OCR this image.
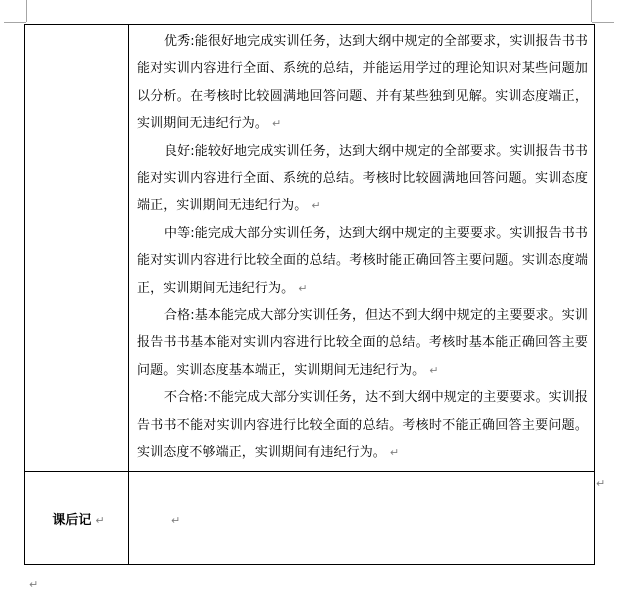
	优秀:能很好地完成实训任务，达到大纲中规定的全部要求，实训报告书书能对实训内容进行全面、系统的总结，并能运用学过的理论知识对某些问题加以分析。在考核时比较圆满地回答问题、并有某些独到见解。实训态度端正，实训期间无违纪行为。 ↵

良好:能较好地完成实训任务，达到大纲中规定的全部要求。实训报告书书能对实训内容进行全面、系统的总结。考核时比较圆满地回答问题。实训态度端正，实训期间无违纪行为。 ↵

中等:能完成大部分实训任务，达到大纲中规定的主要要求。实训报告书书能对实训内容进行比较全面的总结。考核时能正确回答主要问题。实训态度端正，实训期间无违纪行为。 ↵

合格:基本能完成大部分实训任务，但达不到大纲中规定的主要要求。实训报告书书基本能对实训内容进行比较全面的总结。考核时基本能正确回答主要问题。实训态度基本端正，实训期间无违纪行为。 ↵

不合格:不能完成大部分实训任务，达不到大纲中规定的主要要求。实训报告书书不能对实训内容进行比较全面的总结。考核时不能正确回答主要问题。实训态度不够端正，实训期间有违纪行为。 ↵

课后记 ↵		↵
↵
↵
